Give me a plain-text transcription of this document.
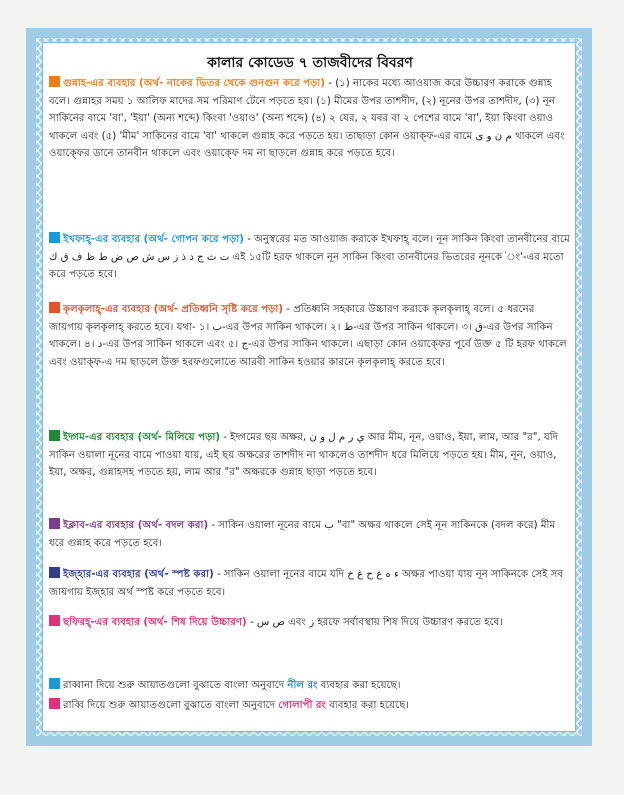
কালার কোডেড ৭ তাজবীদের বিবরণ
গুন্নাহ-এর ব্যবহার (অর্থ- নাকের ভিতর থেকে গুনগুন করে পড়া) - (১) নাকের মধ্যে আওয়াজ করে উচ্চারণ করাকে গুন্নাহ বলে। গুন্নাহর সময় ১ আলিফ মাদের সম পরিমাণ টেনে পড়তে হয়। (১) মীমের উপর তাশদীদ, (২) নূনের উপর তাশদীদ, (৩) নূন সাকিনের বামে 'বা', 'ইয়া' (অন্য শব্দে) কিংবা 'ওয়াও' (অন্য শব্দে) (৪) ২ যের, ২ যবর বা ২ পেশের বামে 'বা', ইয়া কিংবা ওয়াও থাকলে এবং (৫) 'মীম' সাকিনের বামে 'বা' থাকলে গুন্নাহ করে পড়তে হয়। তাছাড়া কোন ওয়াক্ফ-এর বামে م ن و ى থাকলে এবং ওয়াক্ফের ডানে তানবীন থাকলে এবং ওয়াক্ফে দম না ছাড়লে গুন্নাহ করে পড়তে হবে।
ইখফাহ্-এর ব্যবহার (অর্থ- গোপন করে পড়া) - অনুস্বরের মত আওয়াজ করাকে ইখফাহ্ বলে। নূন সাকিন কিংবা তানবীনের বামে ت ث ج د ذ ز س ش ص ض ط ظ ف ق ك এই ১৫টি হরফ থাকলে নূন সাকিন কিংবা তানবীনের ভিতরের নূনকে 'ং'-এর মতো করে পড়তে হবে।
কৃলকৃলাহ্-এর ব্যবহার (অর্থ- প্রতিধ্বনি সৃষ্টি করে পড়া) - প্রতিধ্বনি সহকারে উচ্চারণ করাকে কৃলকৃলাহ্ বলে। ৫ ধরনের জায়গায় কৃলকৃলাহ্ করতে হবে। যথা- ১। ب-এর উপর সাকিন থাকলে। ২। ط-এর উপর সাকিন থাকলে। ৩। ق-এর উপর সাকিন থাকলে। ৪। د-এর উপর সাকিন থাকলে এবং ৫। ج-এর উপর সাকিন থাকলে। এছাড়া কোন ওয়াক্ফের পূর্বে উক্ত ৫ টি হরফ থাকলে এবং ওয়াক্ফ-এ দম ছাড়লে উক্ত হরফগুলোতে আরবী সাকিন হওয়ার কারনে কৃলকৃলাহ্ করতে হবে।
ইদ্গম-এর ব্যবহার (অর্থ- মিলিয়ে পড়া) - ইদ্গমের ছয় অক্ষর, ي ر م ل و ن আর মীম, নূন, ওয়াও, ইয়া, লাম, আর "র", যদি সাকিন ওয়ালা নূনের বামে পাওয়া যায়, এই ছয় অক্ষরের তাশদীদ না থাকলেও তাশদীদ ধরে মিলিয়ে পড়তে হয়। মীম, নূন, ওয়াও, ইয়া, অক্ষর, গুন্নাহসহ পড়তে হয়, লাম আর "র" অক্ষরকে গুন্নাহ ছাড়া পড়তে হবে।
ইক্লাব-এর ব্যবহার (অর্থ- বদল করা) - সাকিন ওয়ালা নূনের বামে ب "বা" অক্ষর থাকলে সেই নূন সাকিনকে (বদল করে) মীম ধরে গুন্নাহ করে পড়তে হবে।
ইজ্হার-এর ব্যবহার (অর্থ- স্পষ্ট করা) - সাকিন ওয়ালা নূনের বামে যদি ء ه ع ح غ خ অক্ষর পাওয়া যায় নূন সাকিনকে সেই সব জায়গায় ইজ্হার অর্থ স্পষ্ট করে পড়তে হবে।
ছফিরহ্-এর ব্যবহার (অর্থ- শিষ দিয়ে উচ্চারণ) - ص س এবং ز হরফে সর্বাবস্থায় শিষ দিয়ে উচ্চারণ করতে হবে।
রাব্বানা দিয়ে শুরু আয়াতগুলো বুঝাতে বাংলা অনুবাদে নীল রং ব্যবহার করা হয়েছে।
রাব্বি দিয়ে শুরু আয়াতগুলো বুঝাতে বাংলা অনুবাদে গোলাপী রং ব্যবহার করা হয়েছে।
